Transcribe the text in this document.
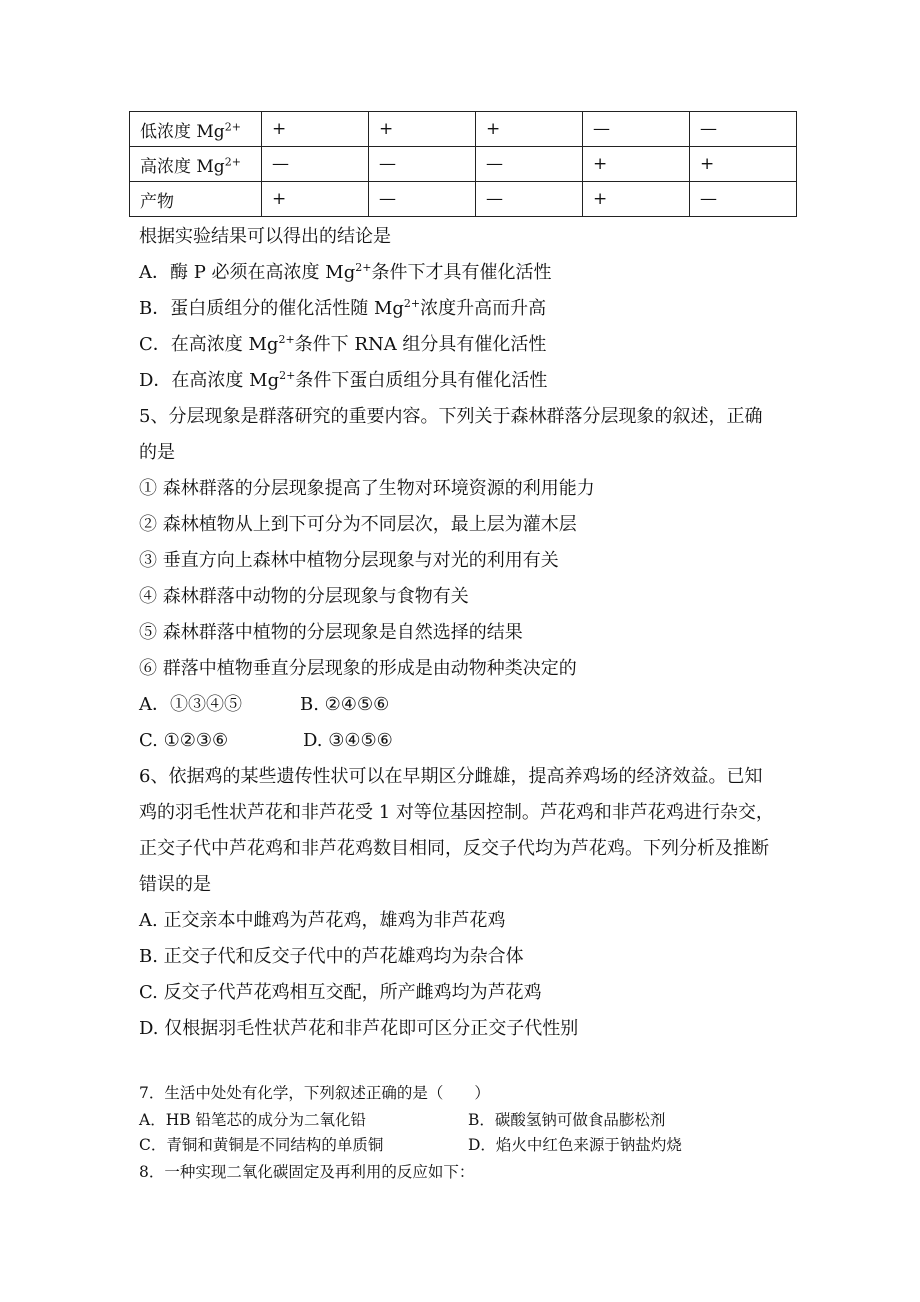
低浓度 $Mg^{2+}$	+	+	+	—	—
高浓度 $Mg^{2+}$	—	—	—	+	+
产物	+	—	—	+	—
根据实验结果可以得出的结论是
A．酶 P 必须在高浓度 $Mg^{2+}$条件下才具有催化活性
B．蛋白质组分的催化活性随 $Mg^{2+}$浓度升高而升高
C．在高浓度 $Mg^{2+}$条件下 RNA 组分具有催化活性
D．在高浓度 $Mg^{2+}$条件下蛋白质组分具有催化活性
5、分层现象是群落研究的重要内容。下列关于森林群落分层现象的叙述，正确
的是
① 森林群落的分层现象提高了生物对环境资源的利用能力
② 森林植物从上到下可分为不同层次，最上层为灌木层
③ 垂直方向上森林中植物分层现象与对光的利用有关
④ 森林群落中动物的分层现象与食物有关
⑤ 森林群落中植物的分层现象是自然选择的结果
⑥ 群落中植物垂直分层现象的形成是由动物种类决定的
A．①③④⑤	B. ②④⑤⑥
C. ①②③⑥	D. ③④⑤⑥
6、依据鸡的某些遗传性状可以在早期区分雌雄，提高养鸡场的经济效益。已知
鸡的羽毛性状芦花和非芦花受 1 对等位基因控制。芦花鸡和非芦花鸡进行杂交，
正交子代中芦花鸡和非芦花鸡数目相同，反交子代均为芦花鸡。下列分析及推断
错误的是
A. 正交亲本中雌鸡为芦花鸡，雄鸡为非芦花鸡
B. 正交子代和反交子代中的芦花雄鸡均为杂合体
C. 反交子代芦花鸡相互交配，所产雌鸡均为芦花鸡
D. 仅根据羽毛性状芦花和非芦花即可区分正交子代性别
7．生活中处处有化学，下列叙述正确的是（　　）
A．HB 铅笔芯的成分为二氧化铅	B．碳酸氢钠可做食品膨松剂
C．青铜和黄铜是不同结构的单质铜	D．焰火中红色来源于钠盐灼烧
8．一种实现二氧化碳固定及再利用的反应如下：
